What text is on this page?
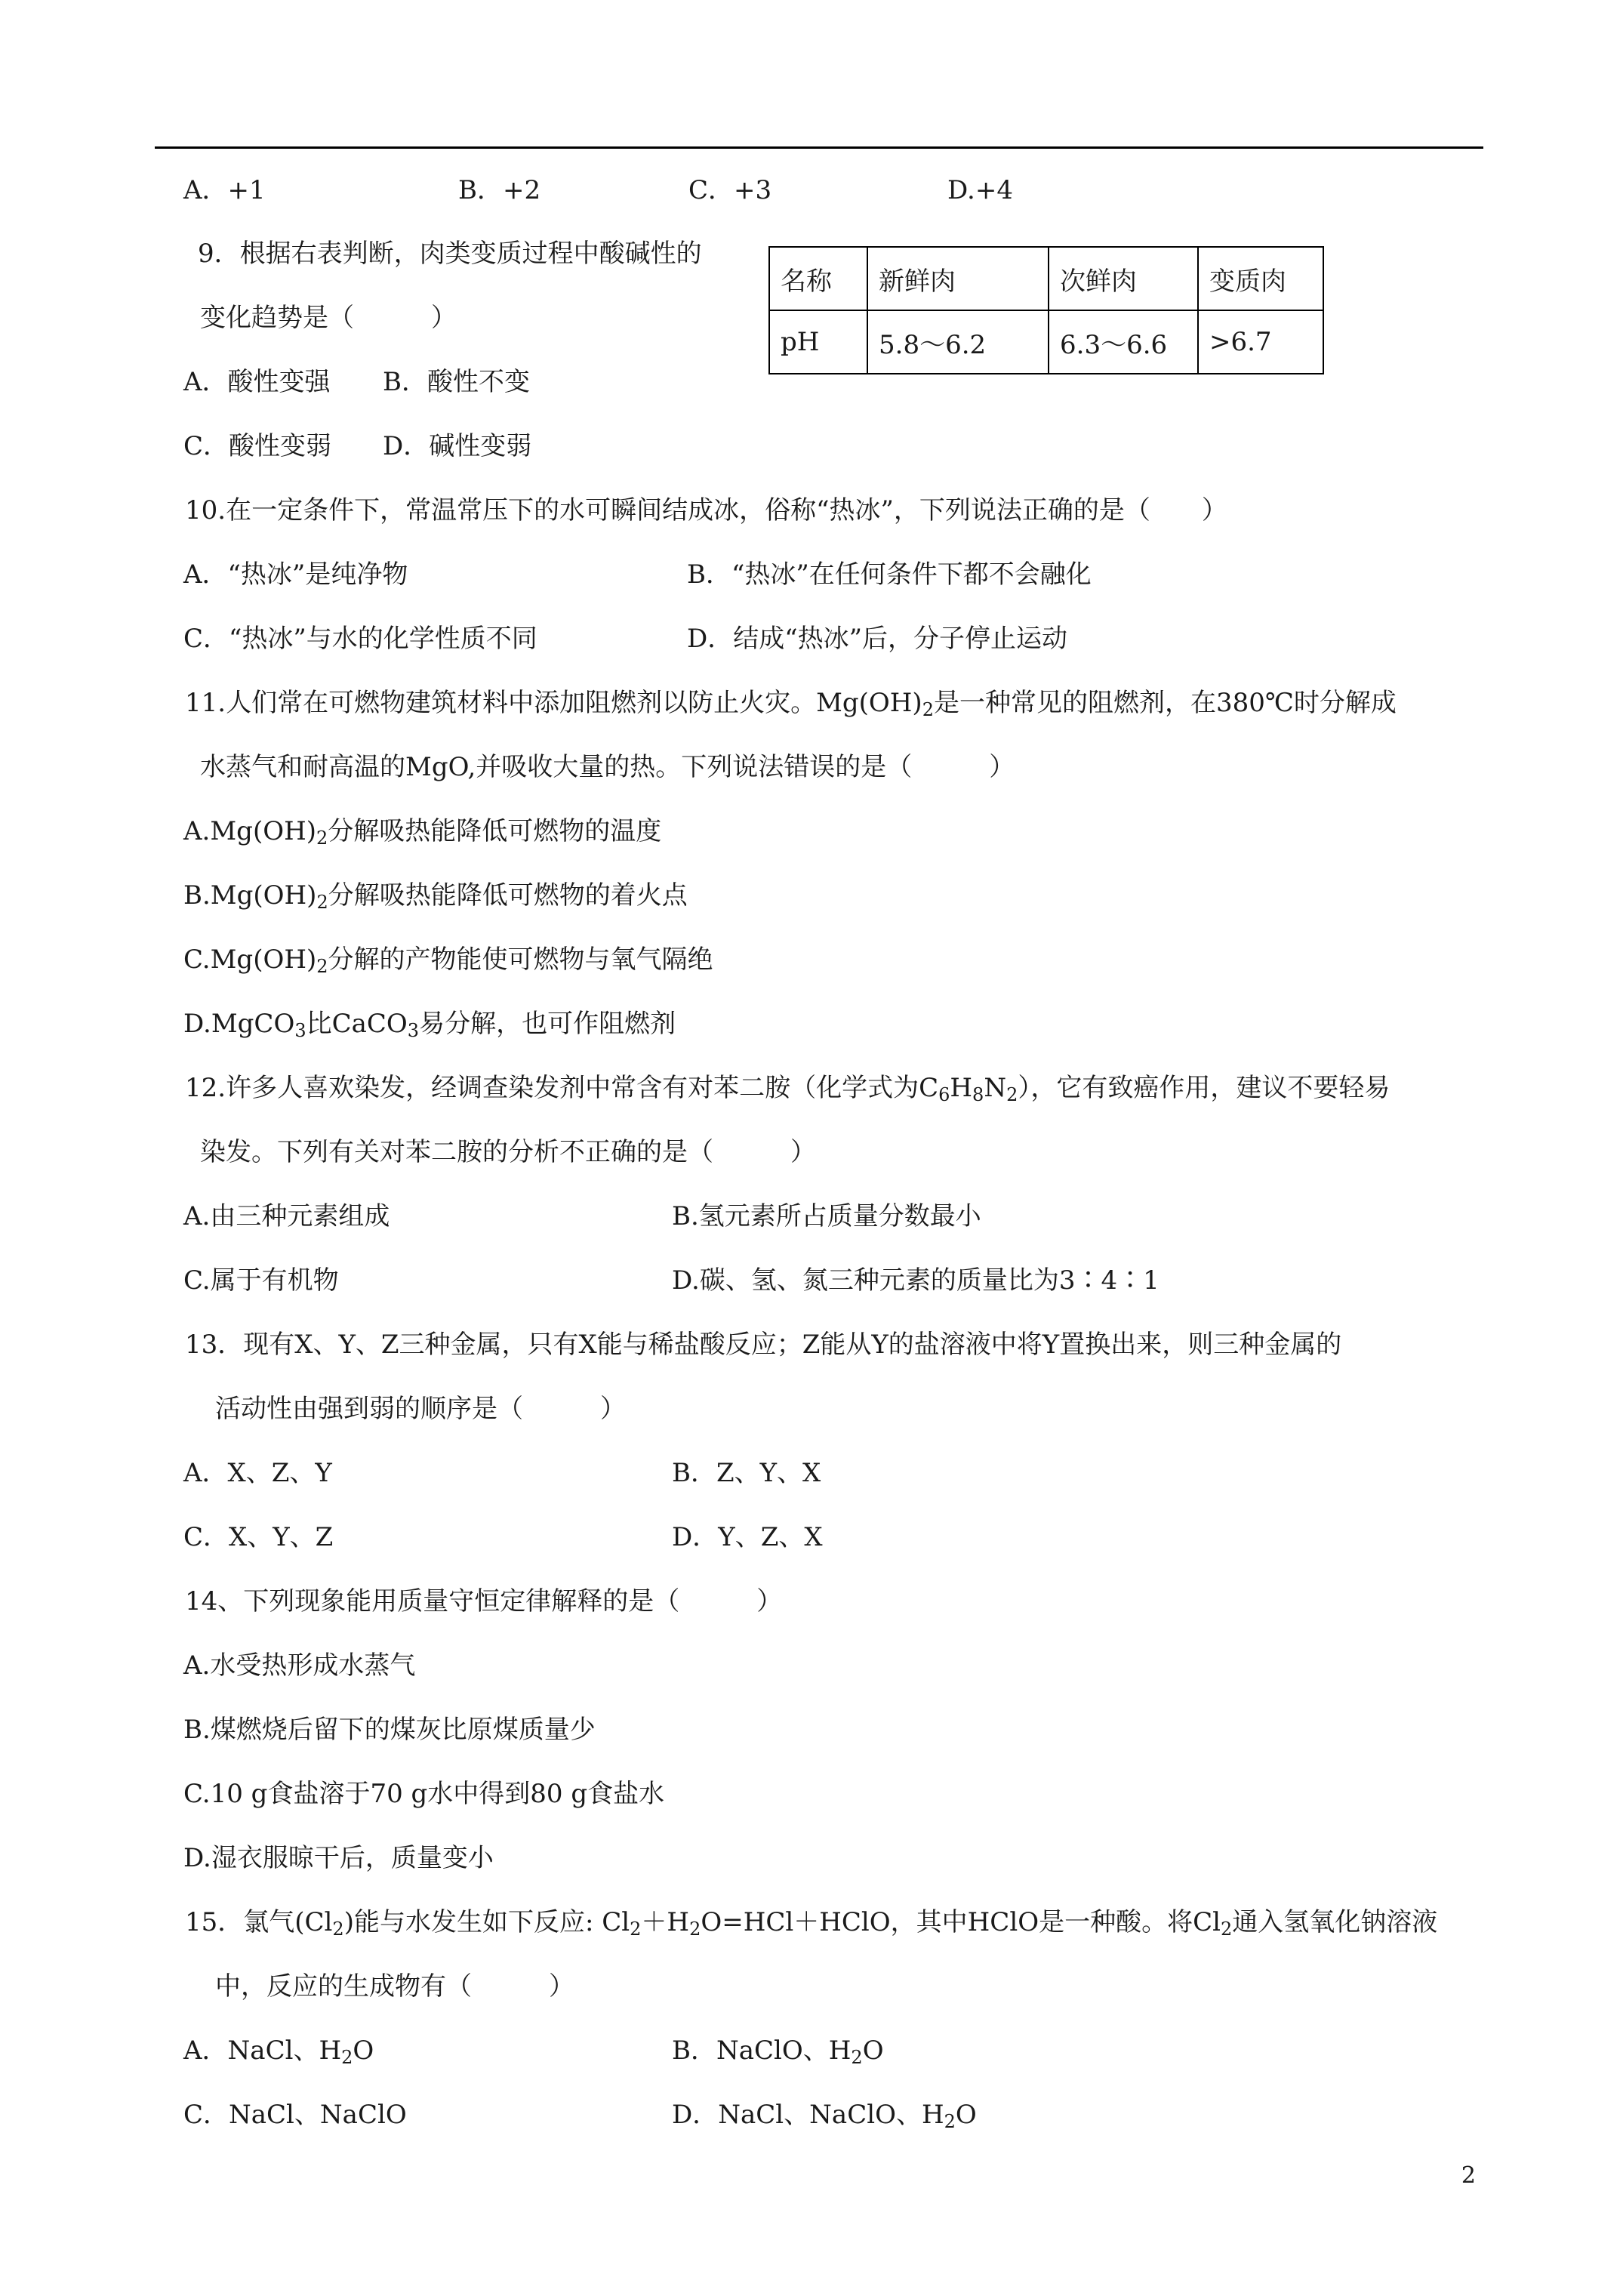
A．+1	B．+2	C．+3	D.+4
9．根据右表判断，肉类变质过程中酸碱性的
变化趋势是（　　　）
A．酸性变强 B．酸性不变
C．酸性变弱 D．碱性变弱
名称	新鲜肉	次鲜肉	变质肉
pH	5.8～6.2	6.3～6.6	>6.7
10.在一定条件下，常温常压下的水可瞬间结成冰，俗称“热冰”，下列说法正确的是（　　）
A．“热冰”是纯净物	B．“热冰”在任何条件下都不会融化
C．“热冰”与水的化学性质不同	D．结成“热冰”后，分子停止运动
11.人们常在可燃物建筑材料中添加阻燃剂以防止火灾。$Mg(OH)_2$是一种常见的阻燃剂，在380℃时分解成
水蒸气和耐高温的MgO,并吸收大量的热。下列说法错误的是（　　　）
$A.Mg(OH)_2$分解吸热能降低可燃物的温度
$B.Mg(OH)_2$分解吸热能降低可燃物的着火点
$C.Mg(OH)_2$分解的产物能使可燃物与氧气隔绝
D.MgCO$_3$比CaCO$_3$易分解，也可作阻燃剂
12.许多人喜欢染发，经调查染发剂中常含有对苯二胺（化学式为$C_6H_8N_2$），它有致癌作用，建议不要轻易
染发。下列有关对苯二胺的分析不正确的是（　　　）
A.由三种元素组成	B.氢元素所占质量分数最小
C.属于有机物	D.碳、氢、氮三种元素的质量比为3∶4∶1
13．现有X、Y、Z三种金属，只有X能与稀盐酸反应；Z能从Y的盐溶液中将Y置换出来，则三种金属的
活动性由强到弱的顺序是（　　　）
A．X、Z、Y	B．Z、Y、X
C．X、Y、Z	D．Y、Z、X
14、下列现象能用质量守恒定律解释的是（　　　）
A.水受热形成水蒸气
B.煤燃烧后留下的煤灰比原煤质量少
C.10 g食盐溶于70 g水中得到80 g食盐水
D.湿衣服晾干后，质量变小
15．氯气$(Cl_2)$能与水发生如下反应: $Cl_2+H_2O=HCl+HClO$，其中HClO是一种酸。将$Cl_2$通入氢氧化钠溶液
中，反应的生成物有（　　　）
A．NaCl、$H_2O$	B．NaClO、$H_2O$
C．NaCl、NaClO	D．NaCl、NaClO、$H_2O$
2
